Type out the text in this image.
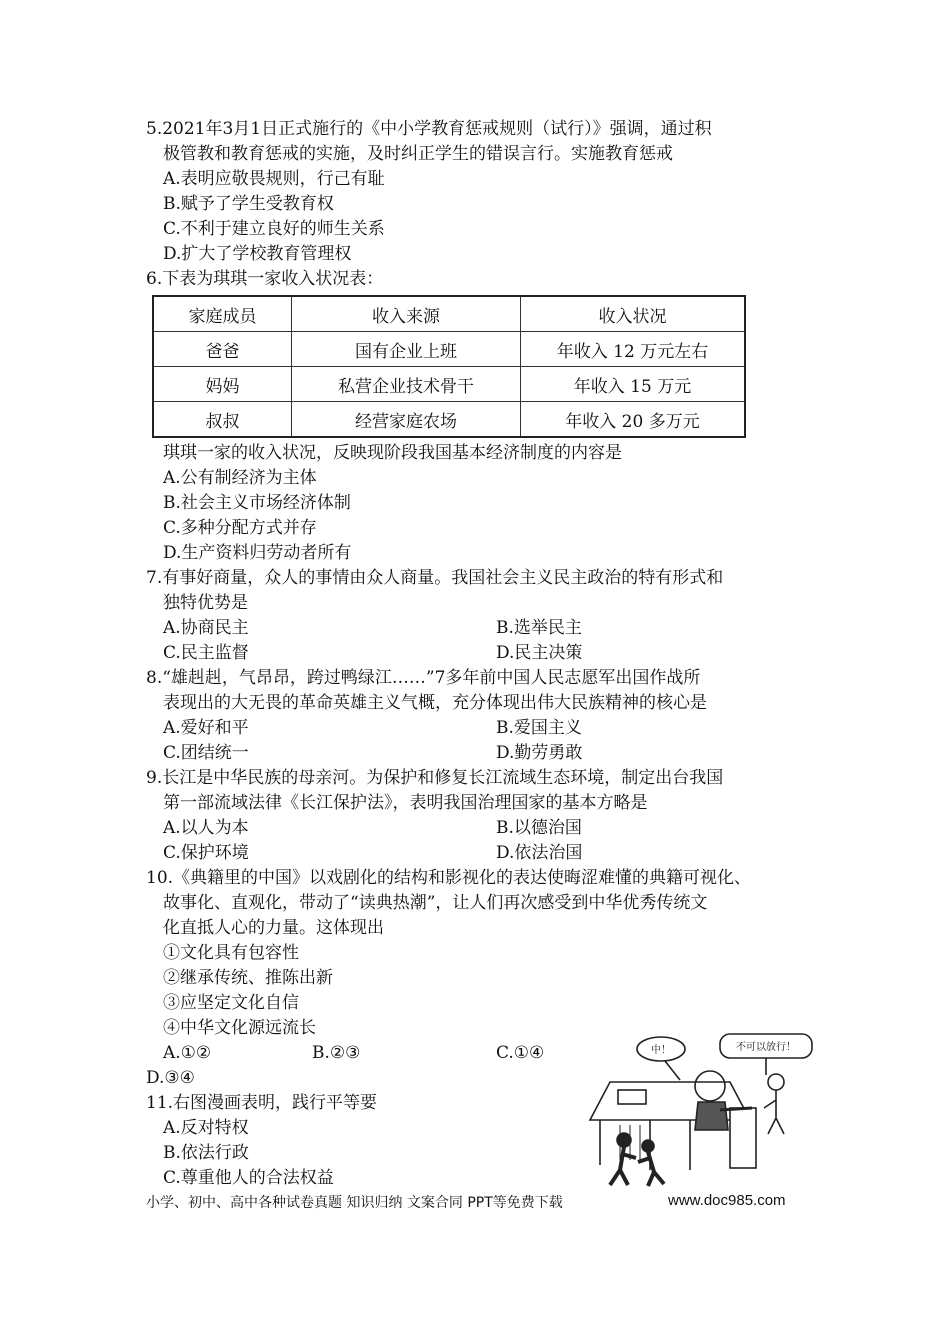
5.2021年3月1日正式施行的《中小学教育惩戒规则（试行）》强调，通过积
极管教和教育惩戒的实施，及时纠正学生的错误言行。实施教育惩戒
A.表明应敬畏规则，行己有耻
B.赋予了学生受教育权
C.不利于建立良好的师生关系
D.扩大了学校教育管理权
6.下表为琪琪一家收入状况表：
家庭成员	收入来源	收入状况
爸爸	国有企业上班	年收入 12 万元左右
妈妈	私营企业技术骨干	年收入 15 万元
叔叔	经营家庭农场	年收入 20 多万元
琪琪一家的收入状况，反映现阶段我国基本经济制度的内容是
A.公有制经济为主体
B.社会主义市场经济体制
C.多种分配方式并存
D.生产资料归劳动者所有
7.有事好商量，众人的事情由众人商量。我国社会主义民主政治的特有形式和
独特优势是
A.协商民主	B.选举民主
C.民主监督	D.民主决策
8.“雄赳赳，气昂昂，跨过鸭绿江……”7多年前中国人民志愿军出国作战所
表现出的大无畏的革命英雄主义气概，充分体现出伟大民族精神的核心是
A.爱好和平	B.爱国主义
C.团结统一	D.勤劳勇敢
9.长江是中华民族的母亲河。为保护和修复长江流域生态环境，制定出台我国
第一部流域法律《长江保护法》，表明我国治理国家的基本方略是
A.以人为本	B.以德治国
C.保护环境	D.依法治国
10.《典籍里的中国》以戏剧化的结构和影视化的表达使晦涩难懂的典籍可视化、
故事化、直观化，带动了“读典热潮”，让人们再次感受到中华优秀传统文
化直抵人心的力量。这体现出
①文化具有包容性
②继承传统、推陈出新
③应坚定文化自信
④中华文化源远流长
A.①②	B.②③	C.①④
D.③④
11.右图漫画表明，践行平等要
A.反对特权
B.依法行政
C.尊重他人的合法权益
中！	不可以放行！
小学、初中、高中各种试卷真题 知识归纳 文案合同 PPT等免费下载	www.doc985.com
